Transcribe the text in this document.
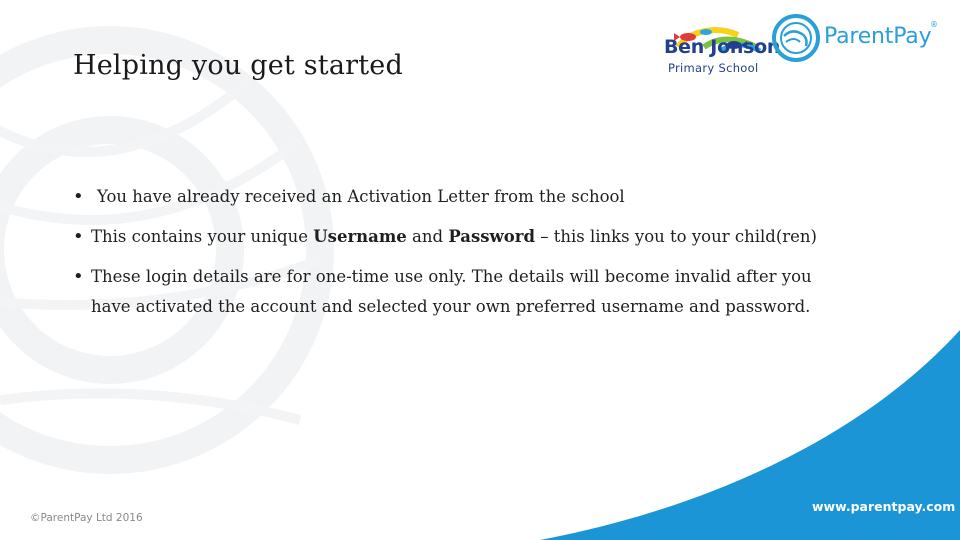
Helping you get started
• You have already received an Activation Letter from the school
• This contains your unique Username and Password – this links you to your child(ren)
• These login details are for one-time use only. The details will become invalid after you have activated the account and selected your own preferred username and password.
Ben Jonson
Primary School
ParentPay
®
©ParentPay Ltd 2016
www.parentpay.com
